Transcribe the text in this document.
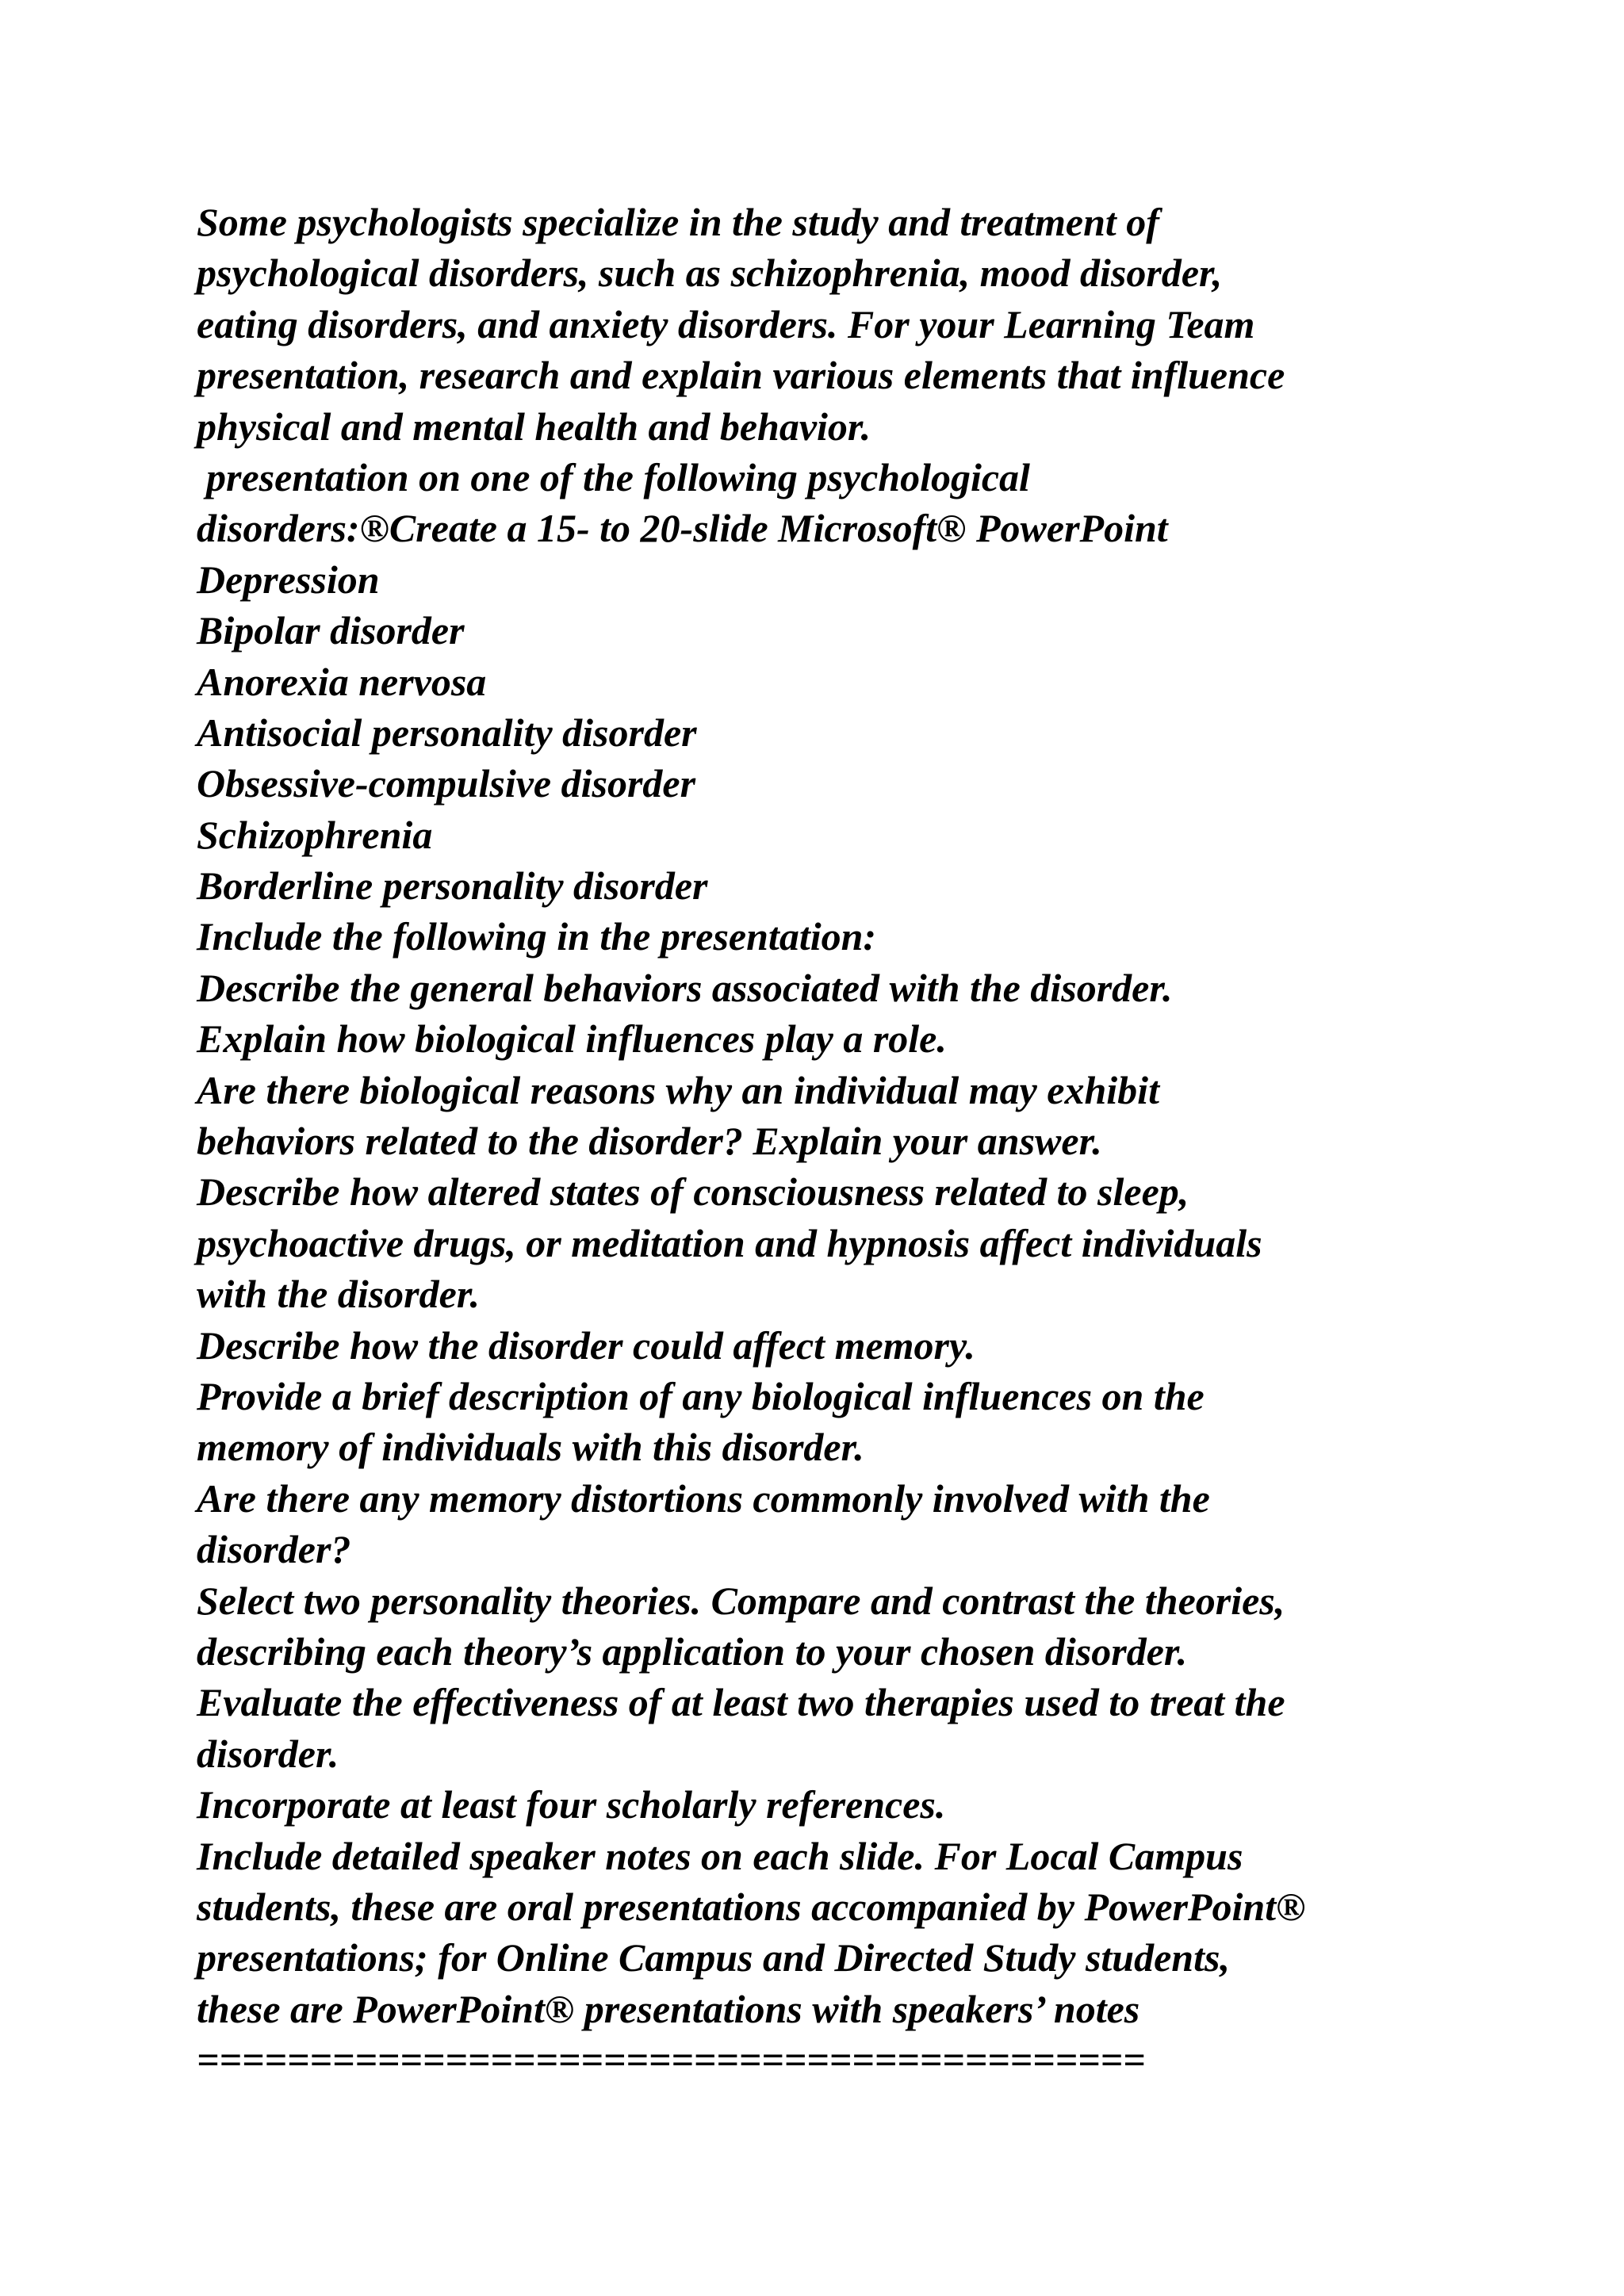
Some psychologists specialize in the study and treatment of
psychological disorders, such as schizophrenia, mood disorder,
eating disorders, and anxiety disorders. For your Learning Team
presentation, research and explain various elements that influence
physical and mental health and behavior.
presentation on one of the following psychological
disorders:®Create a 15- to 20-slide Microsoft® PowerPoint
Depression
Bipolar disorder
Anorexia nervosa
Antisocial personality disorder
Obsessive-compulsive disorder
Schizophrenia
Borderline personality disorder
Include the following in the presentation:
Describe the general behaviors associated with the disorder.
Explain how biological influences play a role.
Are there biological reasons why an individual may exhibit
behaviors related to the disorder? Explain your answer.
Describe how altered states of consciousness related to sleep,
psychoactive drugs, or meditation and hypnosis affect individuals
with the disorder.
Describe how the disorder could affect memory.
Provide a brief description of any biological influences on the
memory of individuals with this disorder.
Are there any memory distortions commonly involved with the
disorder?
Select two personality theories. Compare and contrast the theories,
describing each theory’s application to your chosen disorder.
Evaluate the effectiveness of at least two therapies used to treat the
disorder.
Incorporate at least four scholarly references.
Include detailed speaker notes on each slide. For Local Campus
students, these are oral presentations accompanied by PowerPoint®
presentations; for Online Campus and Directed Study students,
these are PowerPoint® presentations with speakers’ notes
==========================================
